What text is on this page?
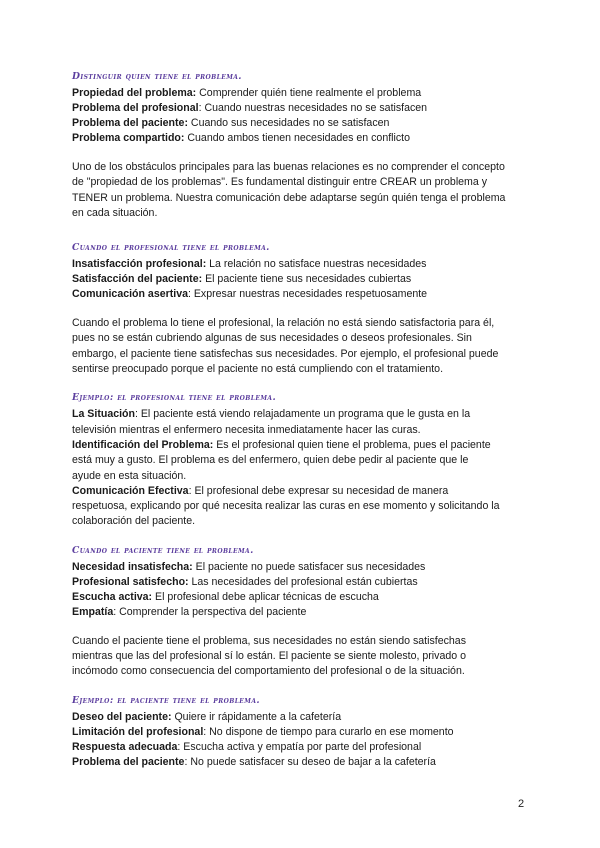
Distinguir quien tiene el problema.
Propiedad del problema: Comprender quién tiene realmente el problema
Problema del profesional: Cuando nuestras necesidades no se satisfacen
Problema del paciente: Cuando sus necesidades no se satisfacen
Problema compartido: Cuando ambos tienen necesidades en conflicto
Uno de los obstáculos principales para las buenas relaciones es no comprender el concepto
de "propiedad de los problemas". Es fundamental distinguir entre CREAR un problema y
TENER un problema. Nuestra comunicación debe adaptarse según quién tenga el problema
en cada situación.
Cuando el profesional tiene el problema.
Insatisfacción profesional: La relación no satisface nuestras necesidades
Satisfacción del paciente: El paciente tiene sus necesidades cubiertas
Comunicación asertiva: Expresar nuestras necesidades respetuosamente
Cuando el problema lo tiene el profesional, la relación no está siendo satisfactoria para él,
pues no se están cubriendo algunas de sus necesidades o deseos profesionales. Sin
embargo, el paciente tiene satisfechas sus necesidades. Por ejemplo, el profesional puede
sentirse preocupado porque el paciente no está cumpliendo con el tratamiento.
Ejemplo: el profesional tiene el problema.
La Situación: El paciente está viendo relajadamente un programa que le gusta en la
televisión mientras el enfermero necesita inmediatamente hacer las curas.
Identificación del Problema: Es el profesional quien tiene el problema, pues el paciente
está muy a gusto. El problema es del enfermero, quien debe pedir al paciente que le
ayude en esta situación.
Comunicación Efectiva: El profesional debe expresar su necesidad de manera
respetuosa, explicando por qué necesita realizar las curas en ese momento y solicitando la
colaboración del paciente.
Cuando el paciente tiene el problema.
Necesidad insatisfecha: El paciente no puede satisfacer sus necesidades
Profesional satisfecho: Las necesidades del profesional están cubiertas
Escucha activa: El profesional debe aplicar técnicas de escucha
Empatía: Comprender la perspectiva del paciente
Cuando el paciente tiene el problema, sus necesidades no están siendo satisfechas
mientras que las del profesional sí lo están. El paciente se siente molesto, privado o
incómodo como consecuencia del comportamiento del profesional o de la situación.
Ejemplo: el paciente tiene el problema.
Deseo del paciente: Quiere ir rápidamente a la cafetería
Limitación del profesional: No dispone de tiempo para curarlo en ese momento
Respuesta adecuada: Escucha activa y empatía por parte del profesional
Problema del paciente: No puede satisfacer su deseo de bajar a la cafetería
2
